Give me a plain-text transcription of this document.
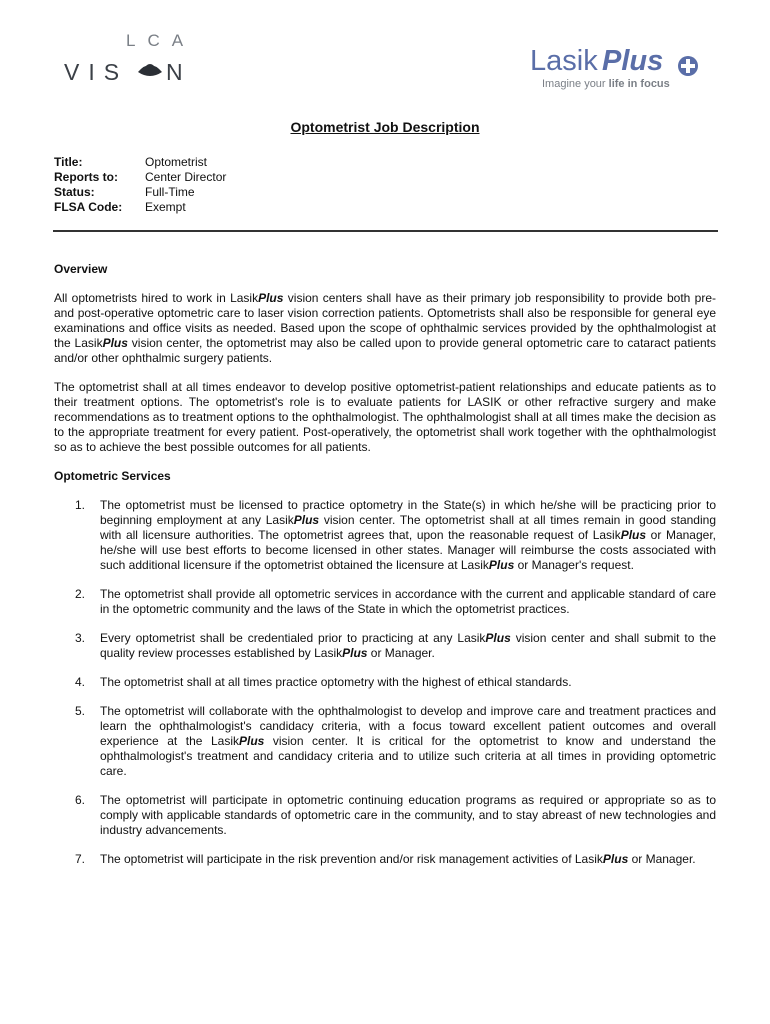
LCA
VIS N	Lasik Plus
Imagine your life in focus
Optometrist Job Description
Title:	Optometrist
Reports to:	Center Director
Status:	Full-Time
FLSA Code:	Exempt
Overview

All optometrists hired to work in LasikPlus vision centers shall have as their primary job responsibility to provide both pre- and post-operative optometric care to laser vision correction patients. Optometrists shall also be responsible for general eye examinations and office visits as needed. Based upon the scope of ophthalmic services provided by the ophthalmologist at the LasikPlus vision center, the optometrist may also be called upon to provide general optometric care to cataract patients and/or other ophthalmic surgery patients.

The optometrist shall at all times endeavor to develop positive optometrist-patient relationships and educate patients as to their treatment options. The optometrist's role is to evaluate patients for LASIK or other refractive surgery and make recommendations as to treatment options to the ophthalmologist. The ophthalmologist shall at all times make the decision as to the appropriate treatment for every patient. Post-operatively, the optometrist shall work together with the ophthalmologist so as to achieve the best possible outcomes for all patients.

Optometric Services
1.	The optometrist must be licensed to practice optometry in the State(s) in which he/she will be practicing prior to beginning employment at any LasikPlus vision center. The optometrist shall at all times remain in good standing with all licensure authorities. The optometrist agrees that, upon the reasonable request of LasikPlus or Manager, he/she will use best efforts to become licensed in other states. Manager will reimburse the costs associated with such additional licensure if the optometrist obtained the licensure at LasikPlus or Manager's request.
2.	The optometrist shall provide all optometric services in accordance with the current and applicable standard of care in the optometric community and the laws of the State in which the optometrist practices.
3.	Every optometrist shall be credentialed prior to practicing at any LasikPlus vision center and shall submit to the quality review processes established by LasikPlus or Manager.
4.	The optometrist shall at all times practice optometry with the highest of ethical standards.
5.	The optometrist will collaborate with the ophthalmologist to develop and improve care and treatment practices and learn the ophthalmologist's candidacy criteria, with a focus toward excellent patient outcomes and overall experience at the LasikPlus vision center. It is critical for the optometrist to know and understand the ophthalmologist's treatment and candidacy criteria and to utilize such criteria at all times in providing optometric care.
6.	The optometrist will participate in optometric continuing education programs as required or appropriate so as to comply with applicable standards of optometric care in the community, and to stay abreast of new technologies and industry advancements.
7.	The optometrist will participate in the risk prevention and/or risk management activities of LasikPlus or Manager.
